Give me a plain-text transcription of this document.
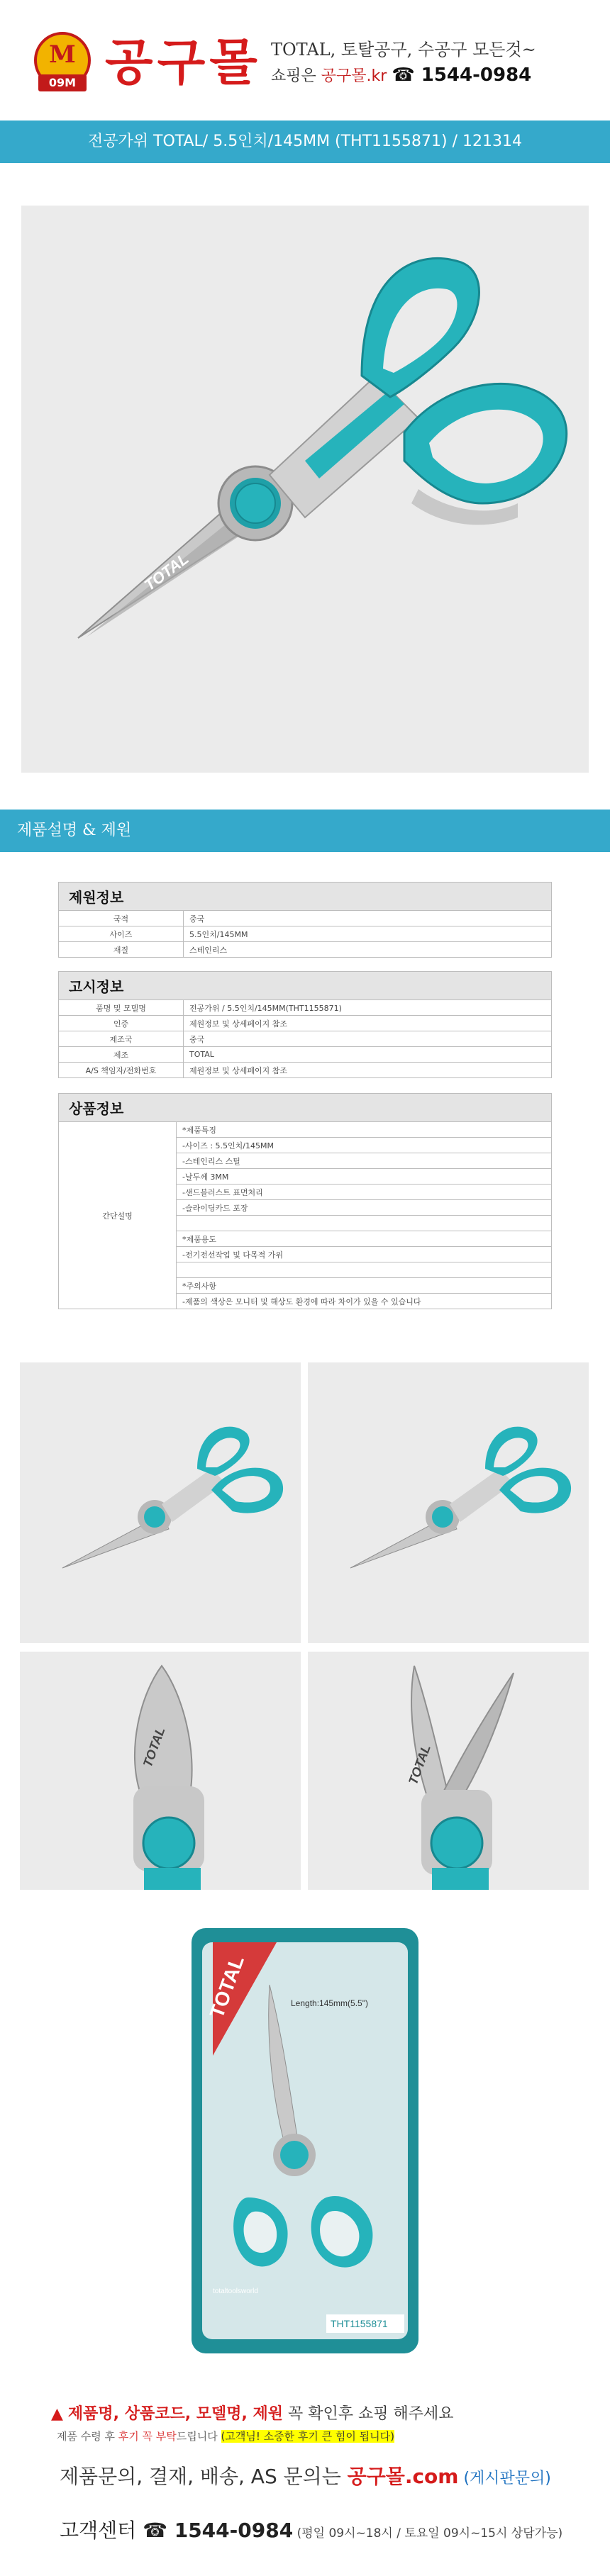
M
09M 공구몰 TOTAL, 토탈공구, 수공구 모든것~
쇼핑은 공구몰.kr ☎ 1544-0984
전공가위 TOTAL/ 5.5인치/145MM (THT1155871) / 121314
TOTAL
제품설명 & 제원
제원정보	
국적	중국
사이즈	5.5인치/145MM
재질	스테인리스
고시정보	
품명 및 모델명	전공가위 / 5.5인치/145MM(THT1155871)
인증	제원정보 및 상세페이지 참조
제조국	중국
제조	TOTAL
A/S 책임자/전화번호	제원정보 및 상세페이지 참조
상품정보
간단설명	*제품특징
-사이즈 : 5.5인치/145MM
-스테인리스 스틸
-날두께 3MM
-샌드블러스트 표면처리
-슬라이딩카드 포장

*제품용도
-전기전선작업 및 다목적 가위

*주의사항
-제품의 색상은 모니터 및 해상도 환경에 따라 차이가 있을 수 있습니다
TOTAL	TOTAL
TOTAL	Length:145mm(5.5")
totaltoolsworld
THT1155871
▲ 제품명, 상품코드, 모델명, 제원 꼭 확인후 쇼핑 해주세요
제품 수령 후 후기 꼭 부탁드립니다 (고객님! 소중한 후기 큰 힘이 됩니다)
제품문의, 결재, 배송, AS 문의는 공구몰.com (게시판문의)
고객센터 ☎ 1544-0984 (평일 09시~18시 / 토요일 09시~15시 상담가능)
